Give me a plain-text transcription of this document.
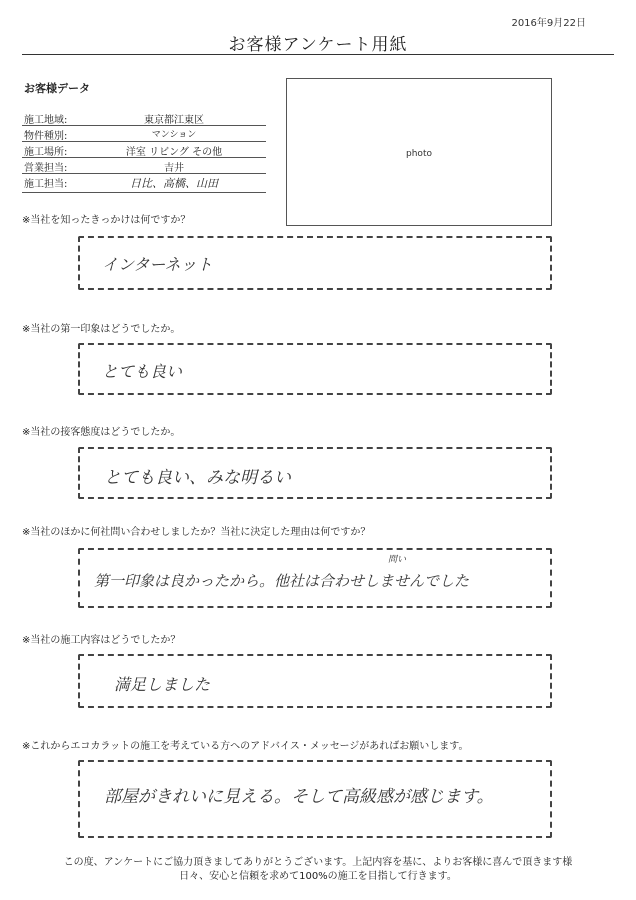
2016年9月22日
お客様アンケート用紙
お客様データ
施工地域:	東京都江東区
物件種別:	マンション
施工場所:	洋室 リビング その他
営業担当:	吉井
施工担当:	日比、高橋、山田
photo
※当社を知ったきっかけは何ですか？
インターネット
※当社の第一印象はどうでしたか。
とても良い
※当社の接客態度はどうでしたか。
とても良い、みな明るい
※当社のほかに何社問い合わせしましたか？当社に決定した理由は何ですか？
問い
第一印象は良かったから。他社は合わせしませんでした
※当社の施工内容はどうでしたか？
満足しました
※これからエコカラットの施工を考えている方へのアドバイス・メッセージがあればお願いします。
部屋がきれいに見える。そして高級感が感じます。
この度、アンケートにご協力頂きましてありがとうございます。上記内容を基に、よりお客様に喜んで頂きます様
日々、安心と信頼を求めて100%の施工を目指して行きます。
